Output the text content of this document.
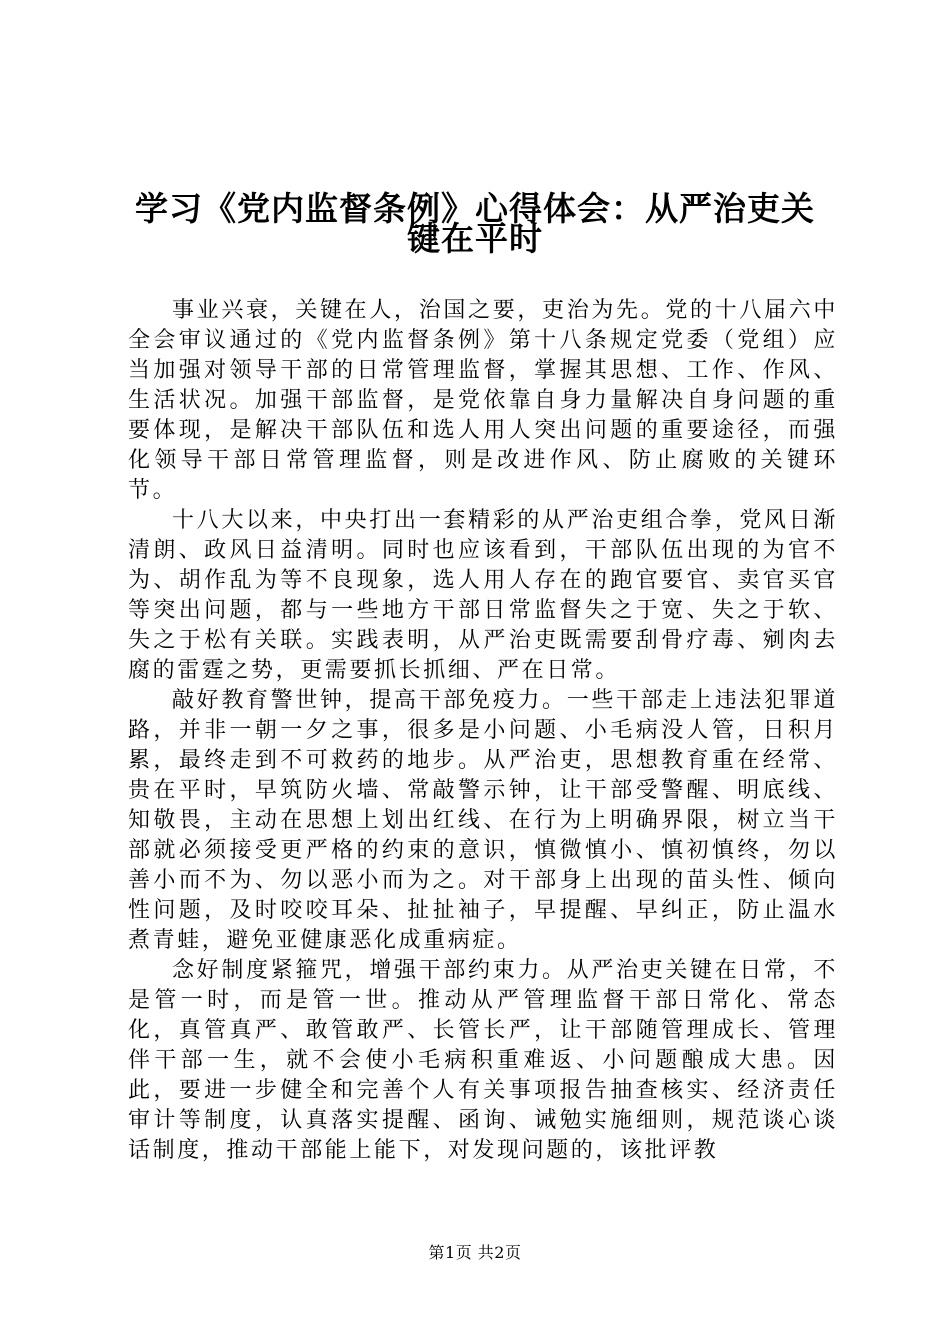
学习《党内监督条例》心得体会：从严治吏关
键在平时

事业兴衰，关键在人，治国之要，吏治为先。党的十八届六中全会审议通过的《党内监督条例》第十八条规定党委（党组）应当加强对领导干部的日常管理监督，掌握其思想、工作、作风、生活状况。加强干部监督，是党依靠自身力量解决自身问题的重要体现，是解决干部队伍和选人用人突出问题的重要途径，而强化领导干部日常管理监督，则是改进作风、防止腐败的关键环节。

十八大以来，中央打出一套精彩的从严治吏组合拳，党风日渐清朗、政风日益清明。同时也应该看到，干部队伍出现的为官不为、胡作乱为等不良现象，选人用人存在的跑官要官、卖官买官等突出问题，都与一些地方干部日常监督失之于宽、失之于软、失之于松有关联。实践表明，从严治吏既需要刮骨疗毒、剜肉去腐的雷霆之势，更需要抓长抓细、严在日常。

敲好教育警世钟，提高干部免疫力。一些干部走上违法犯罪道路，并非一朝一夕之事，很多是小问题、小毛病没人管，日积月累，最终走到不可救药的地步。从严治吏，思想教育重在经常、贵在平时，早筑防火墙、常敲警示钟，让干部受警醒、明底线、知敬畏，主动在思想上划出红线、在行为上明确界限，树立当干部就必须接受更严格的约束的意识，慎微慎小、慎初慎终，勿以善小而不为、勿以恶小而为之。对干部身上出现的苗头性、倾向性问题，及时咬咬耳朵、扯扯袖子，早提醒、早纠正，防止温水煮青蛙，避免亚健康恶化成重病症。

念好制度紧箍咒，增强干部约束力。从严治吏关键在日常，不是管一时，而是管一世。推动从严管理监督干部日常化、常态化，真管真严、敢管敢严、长管长严，让干部随管理成长、管理伴干部一生，就不会使小毛病积重难返、小问题酿成大患。因此，要进一步健全和完善个人有关事项报告抽查核实、经济责任审计等制度，认真落实提醒、函询、诫勉实施细则，规范谈心谈话制度，推动干部能上能下，对发现问题的，该批评教

第1页 共2页
